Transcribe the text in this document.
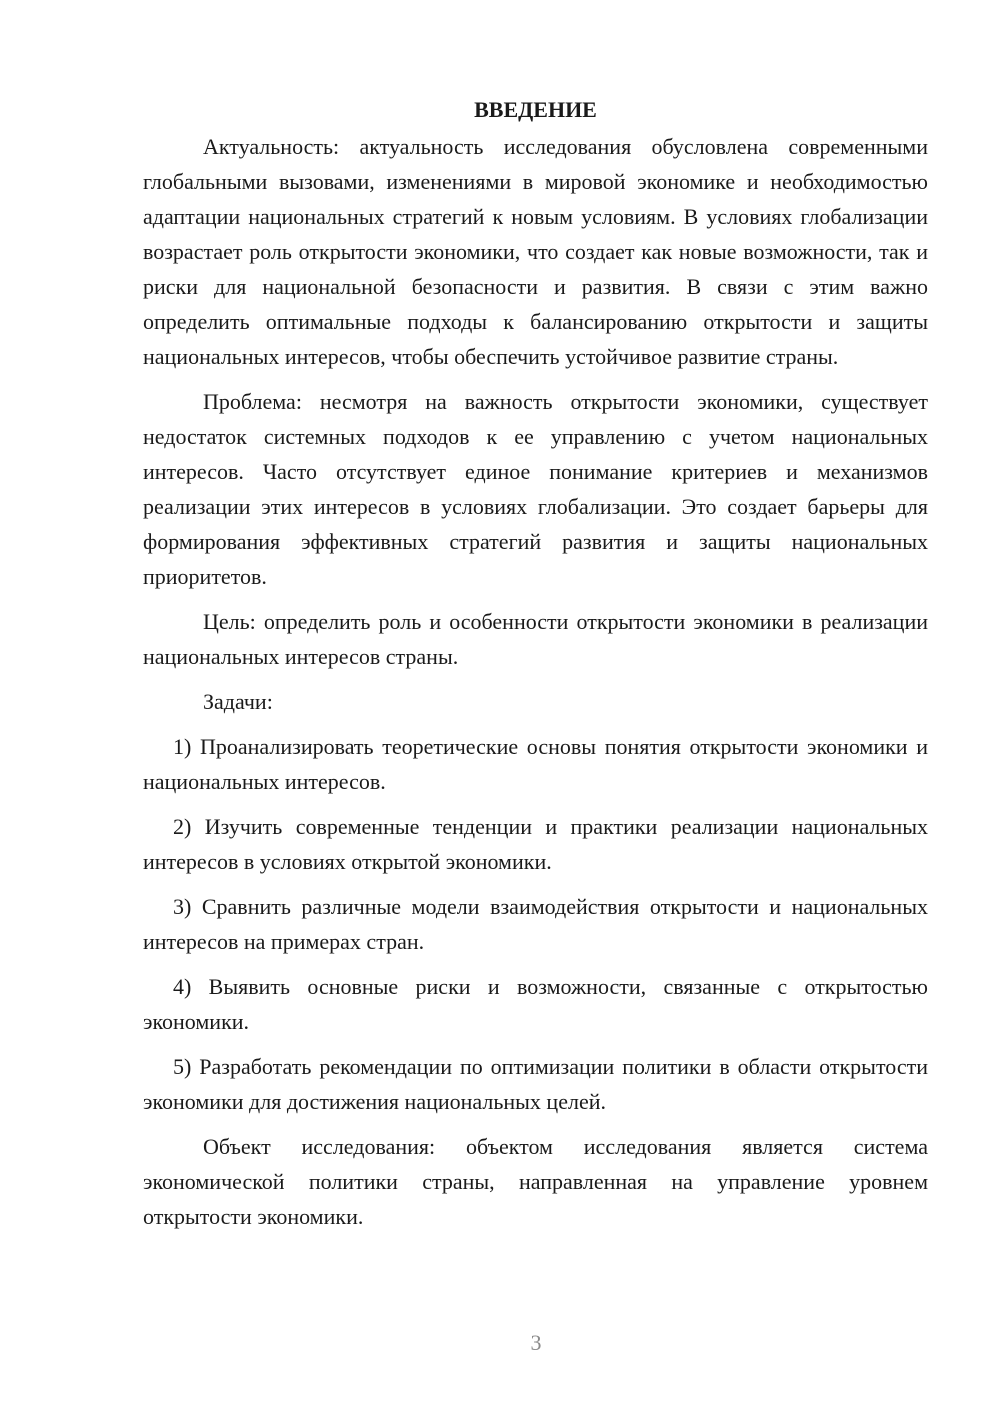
ВВЕДЕНИЕ

Актуальность: актуальность исследования обусловлена современными глобальными вызовами, изменениями в мировой экономике и необходимостью адаптации национальных стратегий к новым условиям. В условиях глобализации возрастает роль открытости экономики, что создает как новые возможности, так и риски для национальной безопасности и развития. В связи с этим важно определить оптимальные подходы к балансированию открытости и защиты национальных интересов, чтобы обеспечить устойчивое развитие страны.

Проблема: несмотря на важность открытости экономики, существует недостаток системных подходов к ее управлению с учетом национальных интересов. Часто отсутствует единое понимание критериев и механизмов реализации этих интересов в условиях глобализации. Это создает барьеры для формирования эффективных стратегий развития и защиты национальных приоритетов.

Цель: определить роль и особенности открытости экономики в реализации национальных интересов страны.

Задачи:

1) Проанализировать теоретические основы понятия открытости экономики и национальных интересов.

2) Изучить современные тенденции и практики реализации национальных интересов в условиях открытой экономики.

3) Сравнить различные модели взаимодействия открытости и национальных интересов на примерах стран.

4) Выявить основные риски и возможности, связанные с открытостью экономики.

5) Разработать рекомендации по оптимизации политики в области открытости экономики для достижения национальных целей.

Объект исследования: объектом исследования является система экономической политики страны, направленная на управление уровнем открытости экономики.

3
